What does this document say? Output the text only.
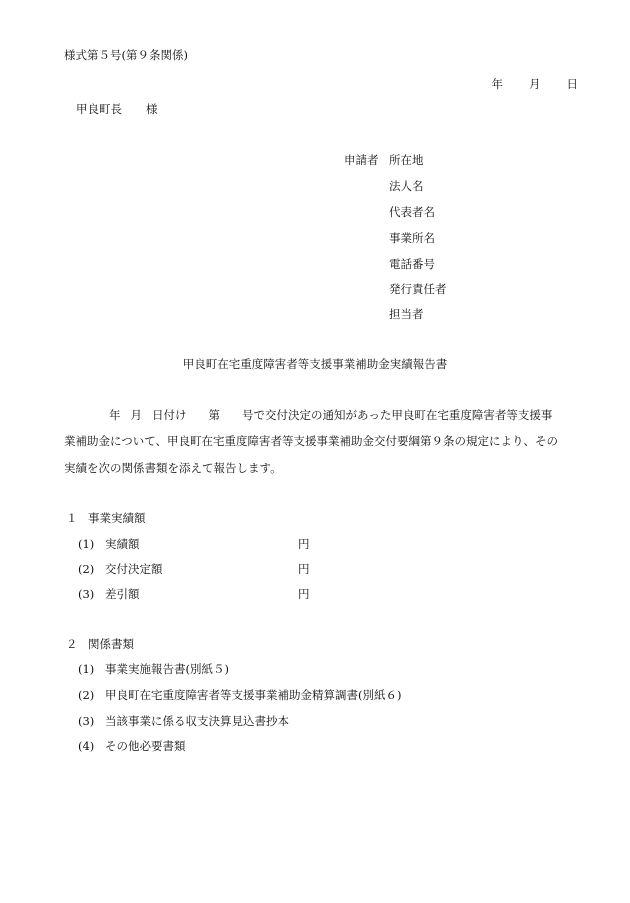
様式第５号(第９条関係)
年 月 日
甲良町長 様
申請者 所在地
法人名
代表者名
事業所名
電話番号
発行責任者
担当者
甲良町在宅重度障害者等支援事業補助金実績報告書
年 月 日付け 第 号で交付決定の通知があった甲良町在宅重度障害者等支援事
業補助金について、甲良町在宅重度障害者等支援事業補助金交付要綱第９条の規定により、その
実績を次の関係書類を添えて報告します。
１ 事業実績額
(1) 実績額	円
(2) 交付決定額	円
(3) 差引額	円
２ 関係書類
(1) 事業実施報告書(別紙５)
(2) 甲良町在宅重度障害者等支援事業補助金精算調書(別紙６)
(3) 当該事業に係る収支決算見込書抄本
(4) その他必要書類
